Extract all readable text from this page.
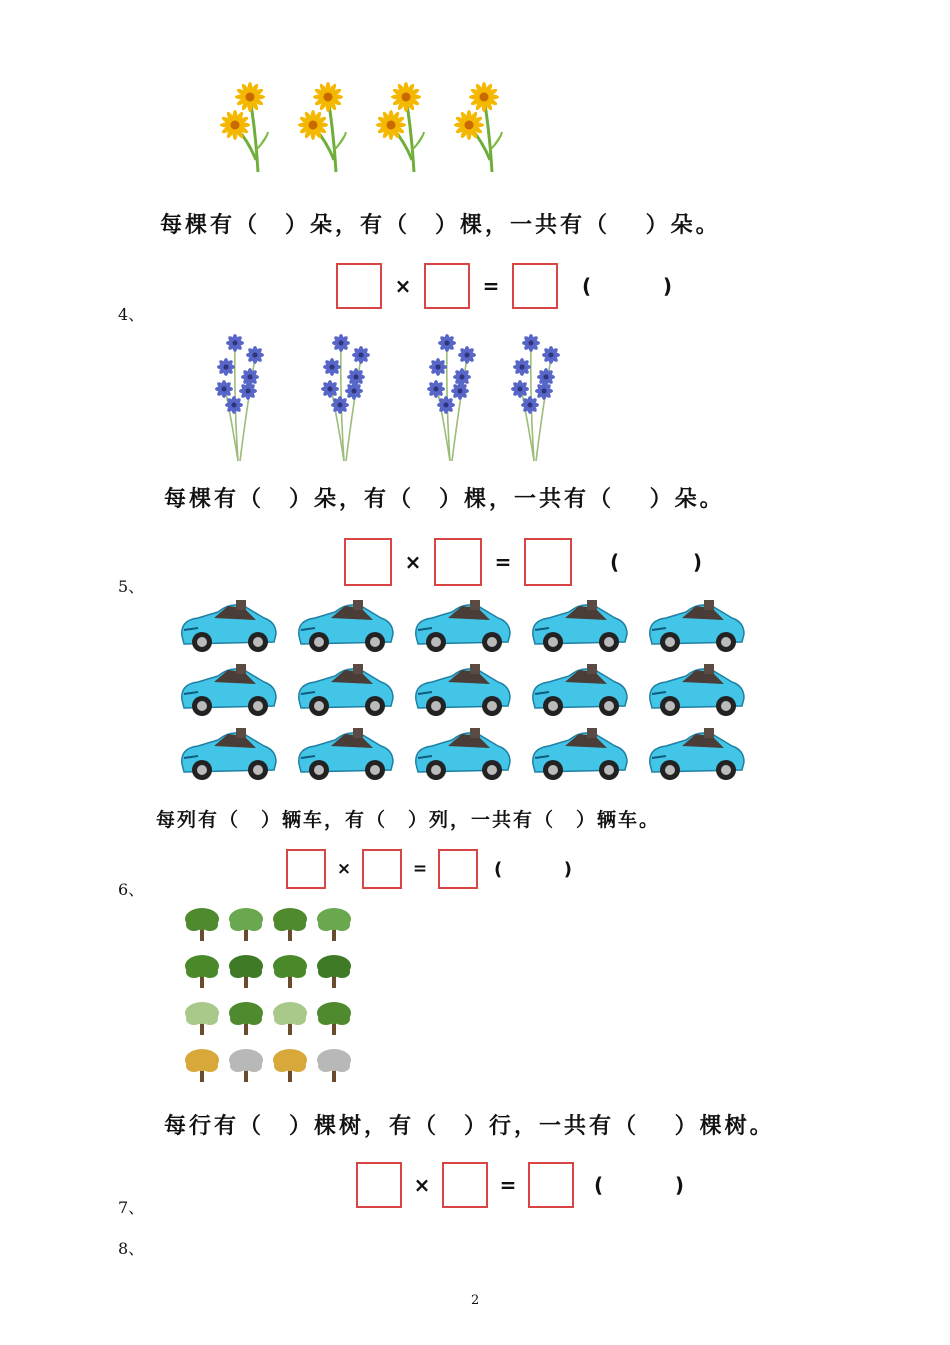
每棵有（　）朵，有（　）棵，一共有（　 ）朵。
×	=	(	)
4、
每棵有（　）朵，有（　）棵，一共有（　 ）朵。
×	=	(	)
5、
每列有（　）辆车，有（　）列，一共有（　）辆车。
×	=	(	)
6、
每行有（　）棵树，有（　）行，一共有（　 ）棵树。
×	=	(	)
7、
8、
2
